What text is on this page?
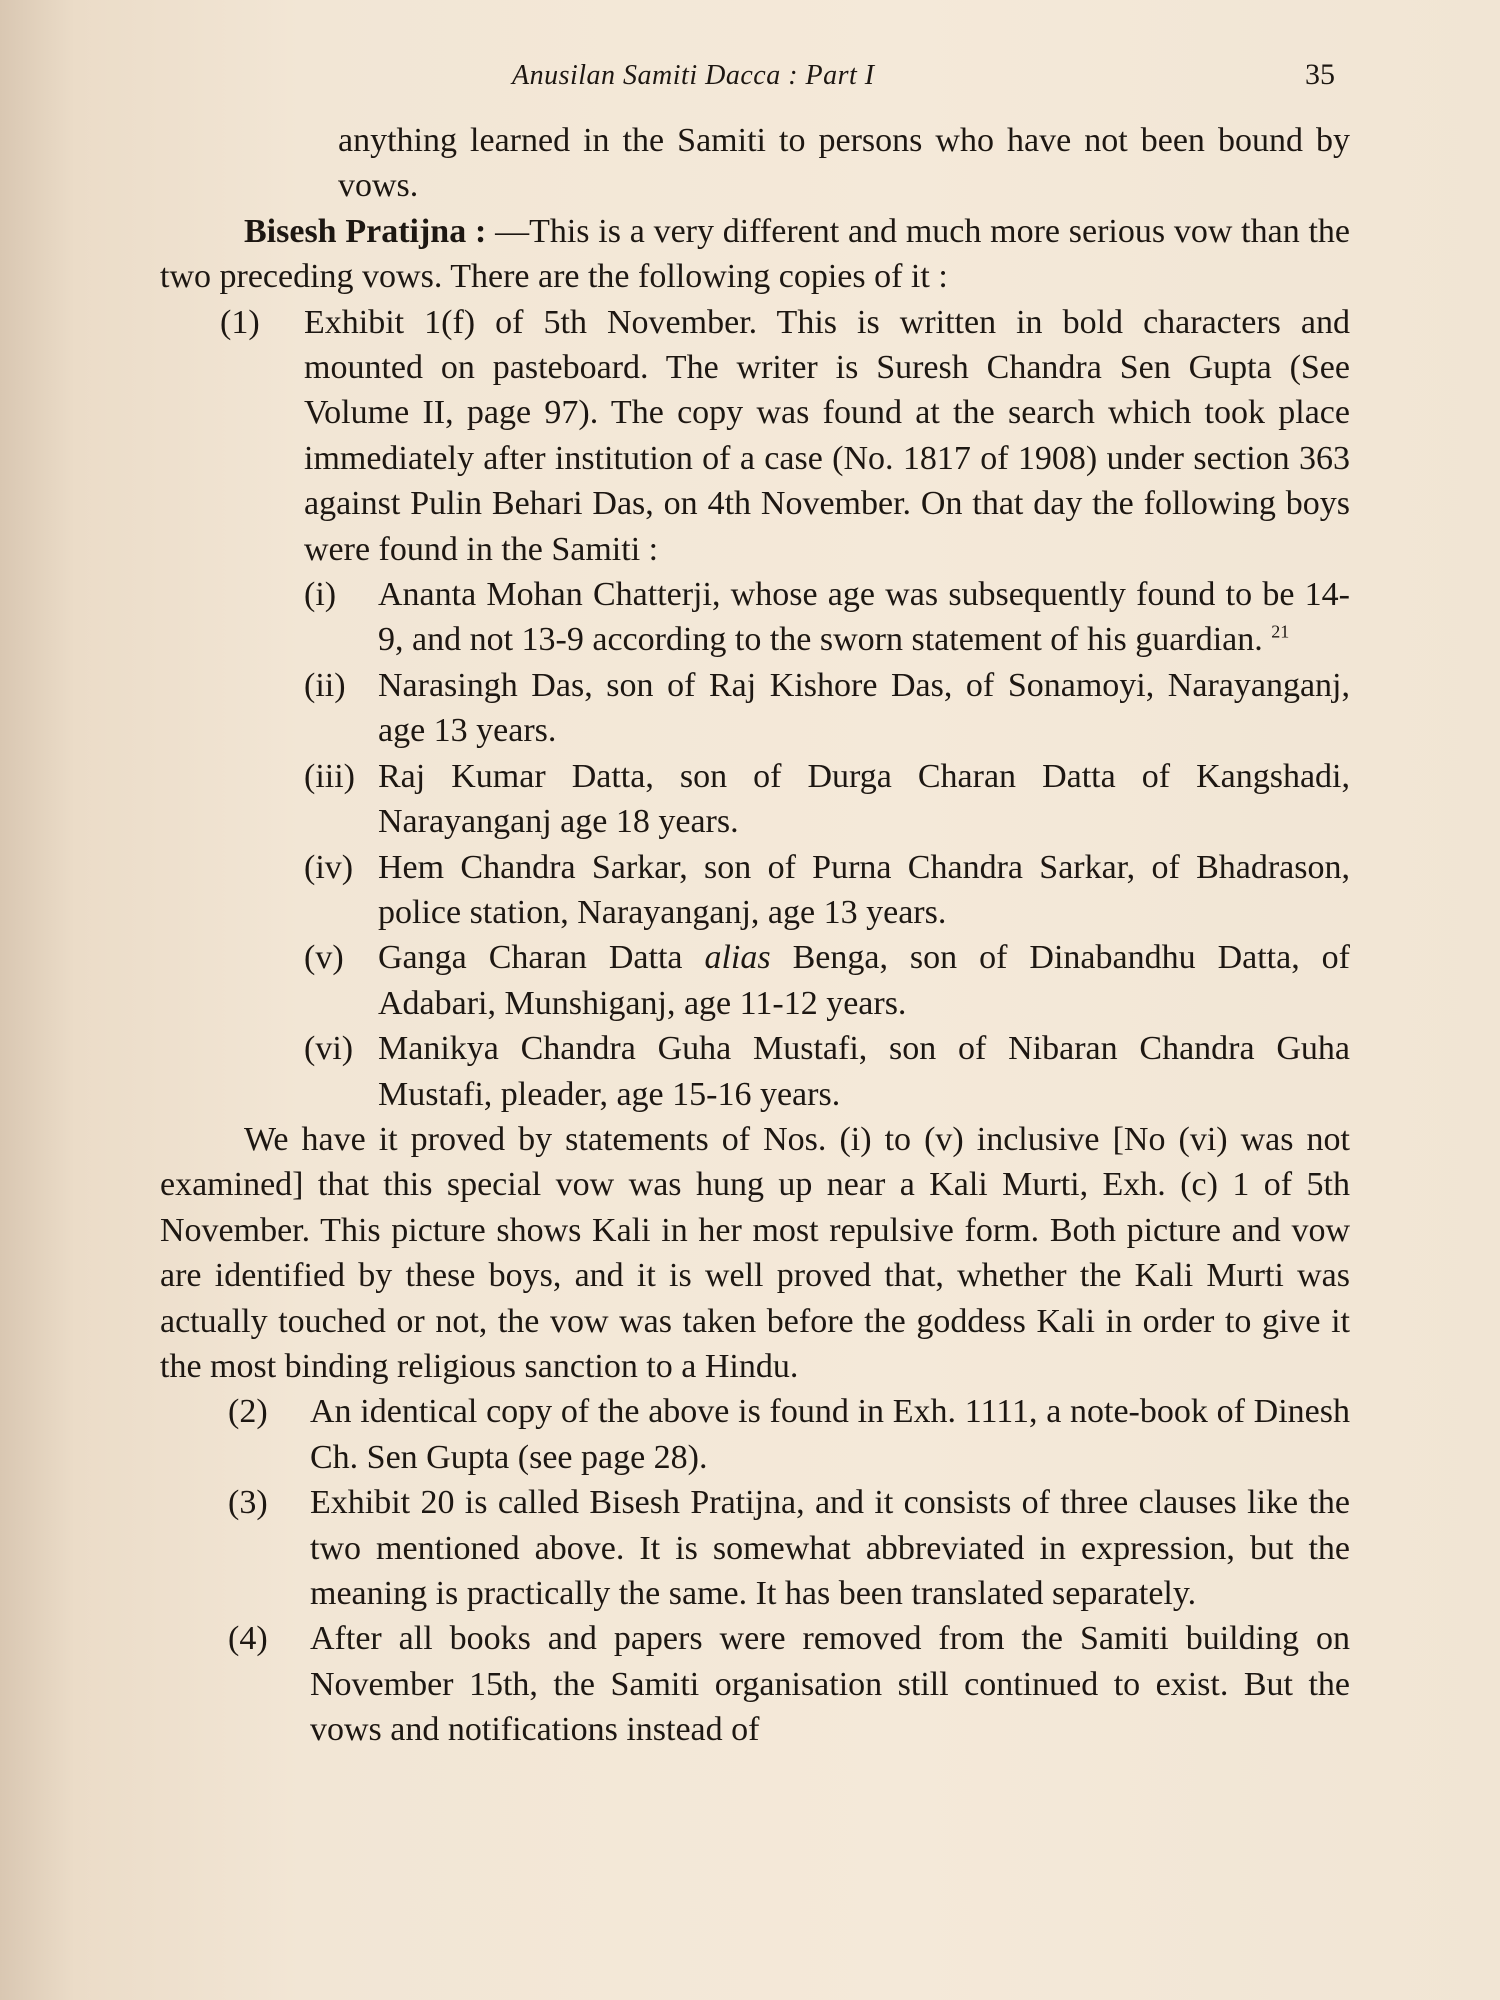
Anusilan Samiti Dacca : Part I	35

anything learned in the Samiti to persons who have not been bound by vows.

Bisesh Pratijna : —This is a very different and much more serious vow than the two preceding vows. There are the following copies of it :

(1)	Exhibit 1(f) of 5th November. This is written in bold characters and mounted on pasteboard. The writer is Suresh Chandra Sen Gupta (See Volume II, page 97). The copy was found at the search which took place immediately after institution of a case (No. 1817 of 1908) under section 363 against Pulin Behari Das, on 4th November. On that day the following boys were found in the Samiti :
(i)	Ananta Mohan Chatterji, whose age was subsequently found to be 14-9, and not 13-9 according to the sworn statement of his guardian. $^{21}$
(ii) Narasingh Das, son of Raj Kishore Das, of Sonamoyi, Narayanganj, age 13 years.
(iii) Raj Kumar Datta, son of Durga Charan Datta of Kangshadi, Narayanganj age 18 years.
(iv) Hem Chandra Sarkar, son of Purna Chandra Sarkar, of Bhadrason, police station, Narayanganj, age 13 years.
(v)	Ganga Charan Datta alias Benga, son of Dinabandhu Datta, of Adabari, Munshiganj, age 11-12 years.
(vi) Manikya Chandra Guha Mustafi, son of Nibaran Chandra Guha Mustafi, pleader, age 15-16 years.

We have it proved by statements of Nos. (i) to (v) inclusive [No (vi) was not examined] that this special vow was hung up near a Kali Murti, Exh. (c) 1 of 5th November. This picture shows Kali in her most repulsive form. Both picture and vow are identified by these boys, and it is well proved that, whether the Kali Murti was actually touched or not, the vow was taken before the goddess Kali in order to give it the most binding religious sanction to a Hindu.

(2)	An identical copy of the above is found in Exh. 1111, a note-book of Dinesh Ch. Sen Gupta (see page 28).
(3)	Exhibit 20 is called Bisesh Pratijna, and it consists of three clauses like the two mentioned above. It is somewhat abbreviated in expression, but the meaning is practically the same. It has been translated separately.
(4)	After all books and papers were removed from the Samiti building on November 15th, the Samiti organisation still continued to exist. But the vows and notifications instead of
